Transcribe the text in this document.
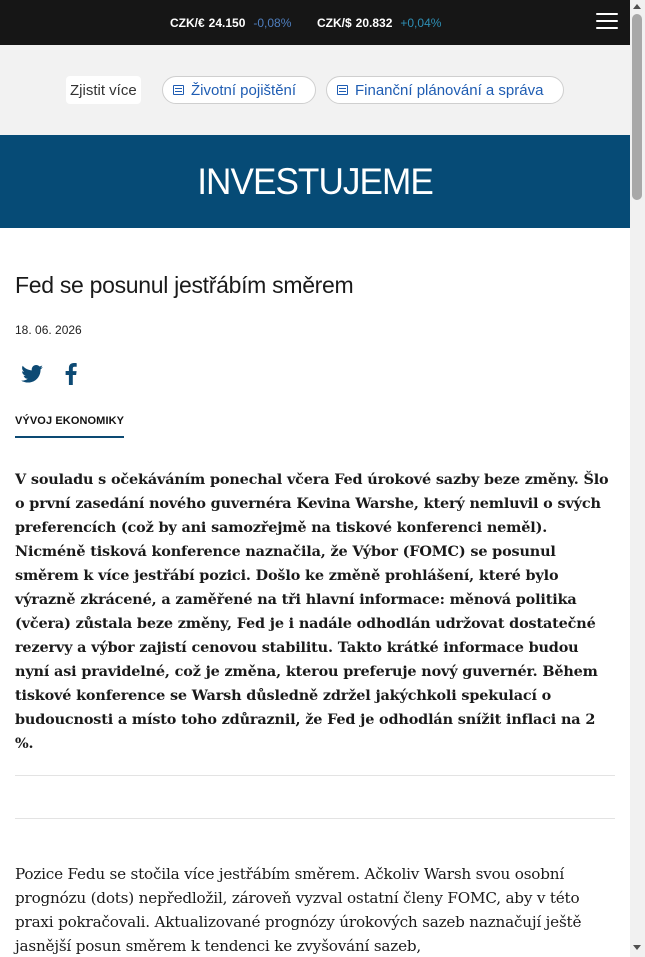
CZK/€ 24.150 -0,08% CZK/$ 20.832 +0,04%
Zjistit více	Životní pojištění	Finanční plánování a správa
INVESTUJEME
Fed se posunul jestřábím směrem
18. 06. 2026
VÝVOJ EKONOMIKY

V souladu s očekáváním ponechal včera Fed úrokové sazby beze změny. Šlo o první zasedání nového guvernéra Kevina Warshe, který nemluvil o svých preferencích (což by ani samozřejmě na tiskové konferenci neměl). Nicméně tisková konference naznačila, že Výbor (FOMC) se posunul směrem k více jestřábí pozici. Došlo ke změně prohlášení, které bylo výrazně zkrácené, a zaměřené na tři hlavní informace: měnová politika (včera) zůstala beze změny, Fed je i nadále odhodlán udržovat dostatečné rezervy a výbor zajistí cenovou stabilitu. Takto krátké informace budou nyní asi pravidelné, což je změna, kterou preferuje nový guvernér. Během tiskové konference se Warsh důsledně zdržel jakýchkoli spekulací o budoucnosti a místo toho zdůraznil, že Fed je odhodlán snížit inflaci na 2 %.

Pozice Fedu se stočila více jestřábím směrem. Ačkoliv Warsh svou osobní prognózu (dots) nepředložil, zároveň vyzval ostatní členy FOMC, aby v této praxi pokračovali. Aktualizované prognózy úrokových sazeb naznačují ještě jasnější posun směrem k tendenci ke zvyšování sazeb,
